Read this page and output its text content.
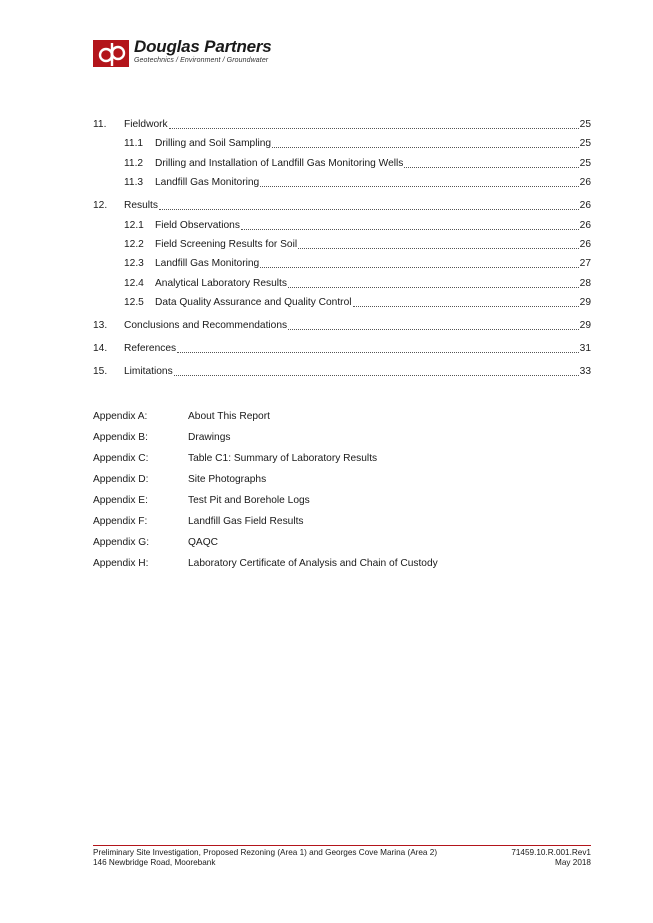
Douglas Partners
Geotechnics / Environment / Groundwater
11.	Fieldwork	25
11.1	Drilling and Soil Sampling	25
11.2	Drilling and Installation of Landfill Gas Monitoring Wells	25
11.3	Landfill Gas Monitoring	26
12.	Results	26
12.1	Field Observations	26
12.2	Field Screening Results for Soil	26
12.3	Landfill Gas Monitoring	27
12.4	Analytical Laboratory Results	28
12.5	Data Quality Assurance and Quality Control	29
13.	Conclusions and Recommendations	29
14.	References	31
15.	Limitations	33
Appendix A:	About This Report
Appendix B:	Drawings
Appendix C:	Table C1: Summary of Laboratory Results
Appendix D:	Site Photographs
Appendix E:	Test Pit and Borehole Logs
Appendix F:	Landfill Gas Field Results
Appendix G:	QAQC
Appendix H:	Laboratory Certificate of Analysis and Chain of Custody
Preliminary Site Investigation, Proposed Rezoning (Area 1) and Georges Cove Marina (Area 2)
146 Newbridge Road, Moorebank
71459.10.R.001.Rev1
May 2018
